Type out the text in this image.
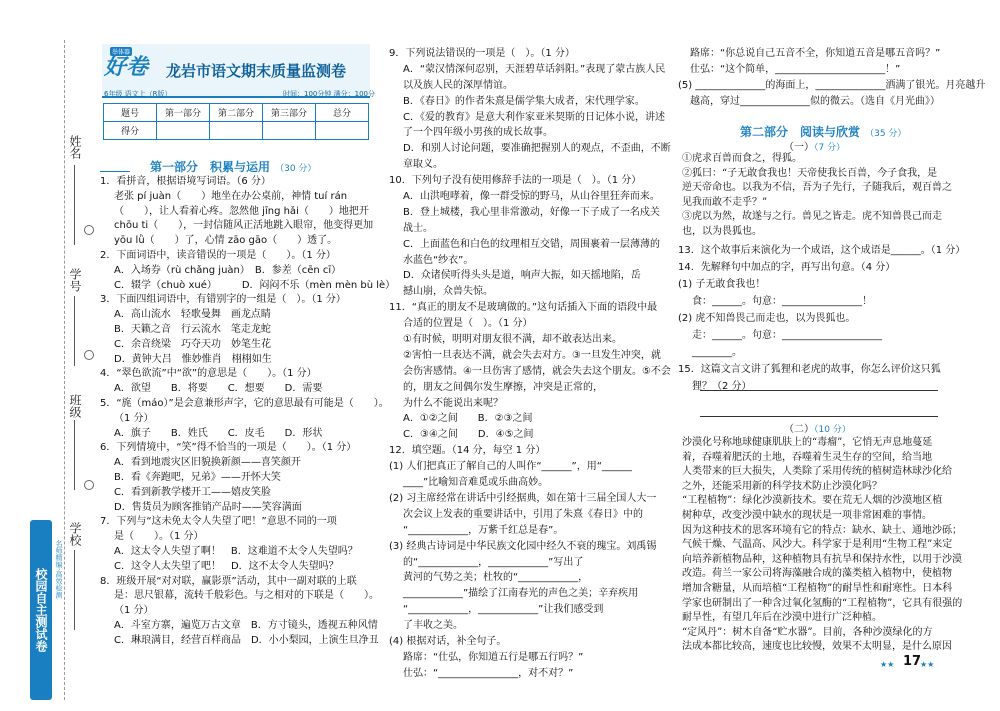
姓名
学号
班级
学校
校园自主测试卷	名师精编·高效检测
举体器
好卷 龙岩市语文期末质量监测卷
6年级 语文上（R版）	时间：100分钟 满分：100分
题号	第一部分	第二部分	第三部分	总分
得分				
第一部分　积累与运用 （30 分）
1．看拼音，根据语境写词语。（6 分）
老张 pí juàn（　　）地坐在办公桌前，神情 tuí rán
（　　），让人看着心疼。忽然他 jīng hǎi（　　）地把开
chōu ti（　　），一封信随风正活地跳入眼帘，他变得更加
yōu lǜ（　　）了，心情 zāo gāo（　　）透了。
2．下面词语中，读音错误的一项是（　　）。（1 分）
A．入场券（rù chǎng juàn）　B．参差（cēn cī）
C．辍学（chuò xué）　　　D．闷闷不乐（mèn mèn bù lè）
3．下面四组词语中，有错别字的一组是（　）。（1 分）
A．高山流水　轻歌曼舞　画龙点睛
B．天籁之音　行云流水　笔走龙蛇
C．余音绕梁　巧夺天功　妙笔生花
D．黄钟大吕　惟妙惟肖　栩栩如生
4．“翠色欲流”中“欲”的意思是（　　）。（1 分）
A．欲望　　B．将要　　C．想要　　D．需要
5．“旄（máo）”是会意兼形声字，它的意思最有可能是（　　）。
（1 分）
A．旗子　　B．姓氏　　C．皮毛　　D．形状
6．下列情境中，“笑”得不恰当的一项是（　　）。（1 分）
A．看到地震灾区旧貌换新颜——喜笑颜开
B．看《奔跑吧，兄弟》——开怀大笑
C．看到新教学楼开工——嬉皮笑脸
D．售货员为顾客推销产品时——笑容满面
7．下列与“这未免太令人失望了吧！”意思不同的一项
是（　　）。（1 分）
A．这太令人失望了啊！　B．这难道不太令人失望吗？
C．这令人太失望了吧！　D．这不太令人失望吗？
8．班级开展“对对联，赢影票”活动，其中一副对联的上联
是：思尺银幕，流转千般彩色。与之相对的下联是（　　）。
（1 分）
A．斗室方寨，遍览万古文章　B．方寸镜头，透视五种风情
C．琳琅满目，经营百样商品　D．小小梨园，上演生旦净丑
9．下列说法错误的一项是（　）。（1 分）
A．“蒙汉情深何忍别，天涯碧草话斜阳。”表现了蒙古族人民
以及族人民的深厚情谊。
B．《春日》的作者朱熹是儒学集大成者，宋代理学家。
C．《爱的教育》是意大利作家亚米契斯的日记体小说，讲述
了一个四年级小男孩的成长故事。
D．和别人讨论问题，要准确把握别人的观点，不歪曲，不断
章取义。
10．下列句子没有使用修辞手法的一项是（　）。（1 分）
A．山洪咆哮着，像一群受惊的野马，从山谷里狂奔而来。
B．登上城楼，我心里非常激动，好像一下子成了一名戍关
战士。
C．上面蓝色和白色的纹理相互交错，周围裹着一层薄薄的
水蓝色“纱衣”。
D．众诸侯听得头头是道，响声大振，如天摇地陷，岳
撼山崩，众兽失惊。
11．“真正的朋友不是玻璃做的。”这句话插入下面的语段中最
合适的位置是（　）。（1 分）
①有时候，明明对朋友很不满，却不敢表达出来。
②害怕一旦表达不满，就会失去对方。③一旦发生冲突，就
会伤害感情。④一旦伤害了感情，就会失去这个朋友。⑤不会
的，朋友之间偶尔发生摩擦，冲突是正常的，
为什么不能说出来呢？
A．①②之间　　B．②③之间
C．③④之间　　D．④⑤之间
12．填空题。（14 分，每空 1 分）
(1) 人们把真正了解自己的人叫作“______”，用“______
____”比喻知音难觅或乐曲高妙。
(2) 习主席经常在讲话中引经据典，如在第十三届全国人大一
次会议上发表的重要讲话中，引用了朱熹《春日》中的
“____________，万紫千红总是春”。
(3) 经典古诗词是中华民族文化园中经久不衰的瑰宝。刘禹锡
的“____________，____________”写出了
黄河的气势之美；杜牧的“____________，
____________”描绘了江南春光的声色之美；辛弃疾用
“____________，____________”让我们感受到
了丰收之美。
(4) 根据对话，补全句子。
路席：“仕弘，你知道五行是哪五行吗？”
仕弘：“________________，对不对？”
路席：“你总说自己五音不全，你知道五音是哪五音吗？”
仕弘：“这个简单，______________________！”
(5) ______________的海面上，______________洒满了银光。月亮越升
越高，穿过______________似的微云。（选自《月光曲》）
第二部分　阅读与欣赏 （35 分）
（一）（7 分）
①虎求百兽而食之，得狐。
②狐曰：“子无敢食我也！天帝使我长百兽，今子食我，是
逆天帝命也。以我为不信，吾为子先行，子随我后，观百兽之
见我而敢不走乎？”
③虎以为然，故遂与之行。兽见之皆走。虎不知兽畏己而走
也，以为畏狐也。
13．这个故事后来演化为一个成语，这个成语是______。（1 分）
14．先解释句中加点的字，再写出句意。（4 分）
(1) 子无敢食我也！
食：______。句意：________________！
(2) 虎不知兽畏己而走也，以为畏狐也。
走：______。句意：____________________
________。
15．这篇文言文讲了狐狸和老虎的故事，你怎么评价这只狐
狸？（2 分）
（二）（10 分）
沙漠化号称地球健康肌肤上的“毒瘤”，它悄无声息地蔓延
着，吞噬着肥沃的土地，吞噬着生灵生存的空间，给当地
人类带来的巨大损失，人类除了采用传统的植树造林球沙化给
之外，还能采用新的科学技术防止沙漠化吗？
“工程植物”：绿化沙漠新技术。要在荒无人烟的沙漠地区植
树种草，改变沙漠中缺水的现状是一项非常困难的事情。
因为这种技术的思客环境有它的特点：缺水、缺土、通地沙砾；
气候干燥、气温高、风沙大。科学家于是利用“生物工程”来定
向培养新植物品种，这种植物具有抗旱和保持水性，以用于沙漠
改造。荷兰一家公司将海藻融合成的藻类植入植物中，使植物
增加含糖量，从而培植“工程植物”的耐旱性和耐寒性。日本科
学家也研制出了一种含过氧化氢酶的“工程植物”，它具有很强的
耐旱性，有望几年后在沙漠中进行广泛种植。
“定风丹”：树木自备“贮水器”。目前，各种沙漠绿化的方
法成本都比较高，速度也比较慢，效果不太明显，是什么原因
★★ 17
★★
